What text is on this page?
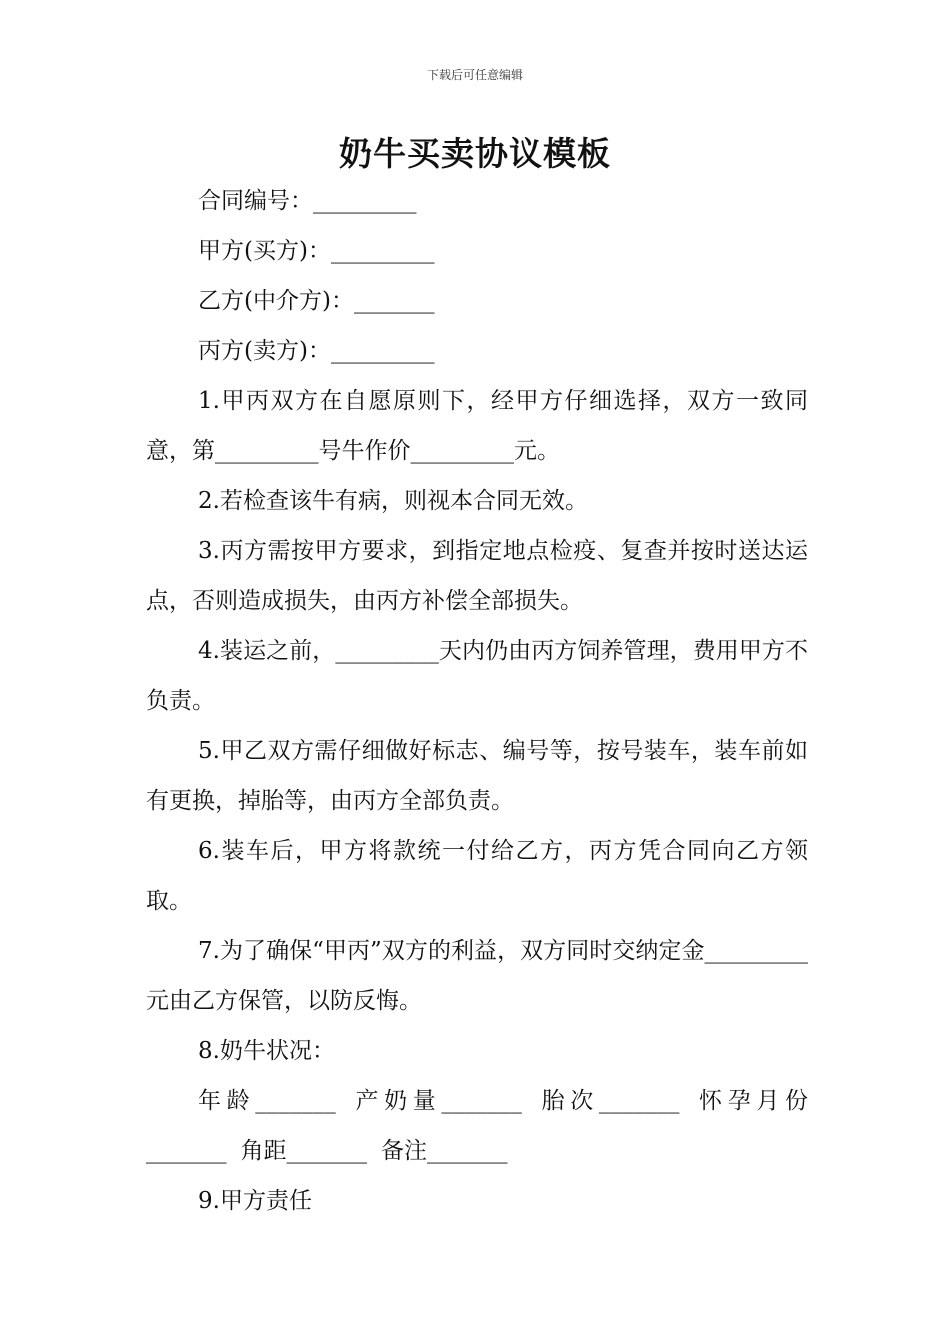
下载后可任意编辑
奶牛买卖协议模板

合同编号：_________

甲方(买方)：_________

乙方(中介方)：_______

丙方(卖方)：_________

1.甲丙双方在自愿原则下，经甲方仔细选择，双方一致同意，第_________号牛作价_________元。

2.若检查该牛有病，则视本合同无效。

3.丙方需按甲方要求，到指定地点检疫、复查并按时送达运点，否则造成损失，由丙方补偿全部损失。

4.装运之前，_________天内仍由丙方饲养管理，费用甲方不负责。

5.甲乙双方需仔细做好标志、编号等，按号装车，装车前如有更换，掉胎等，由丙方全部负责。

6.装车后，甲方将款统一付给乙方，丙方凭合同向乙方领取。

7.为了确保“甲丙”双方的利益，双方同时交纳定金_________元由乙方保管，以防反悔。

8.奶牛状况：

年龄_______ 产奶量_______ 胎次_______ 怀孕月份_______ 角距_______ 备注_______

9.甲方责任
